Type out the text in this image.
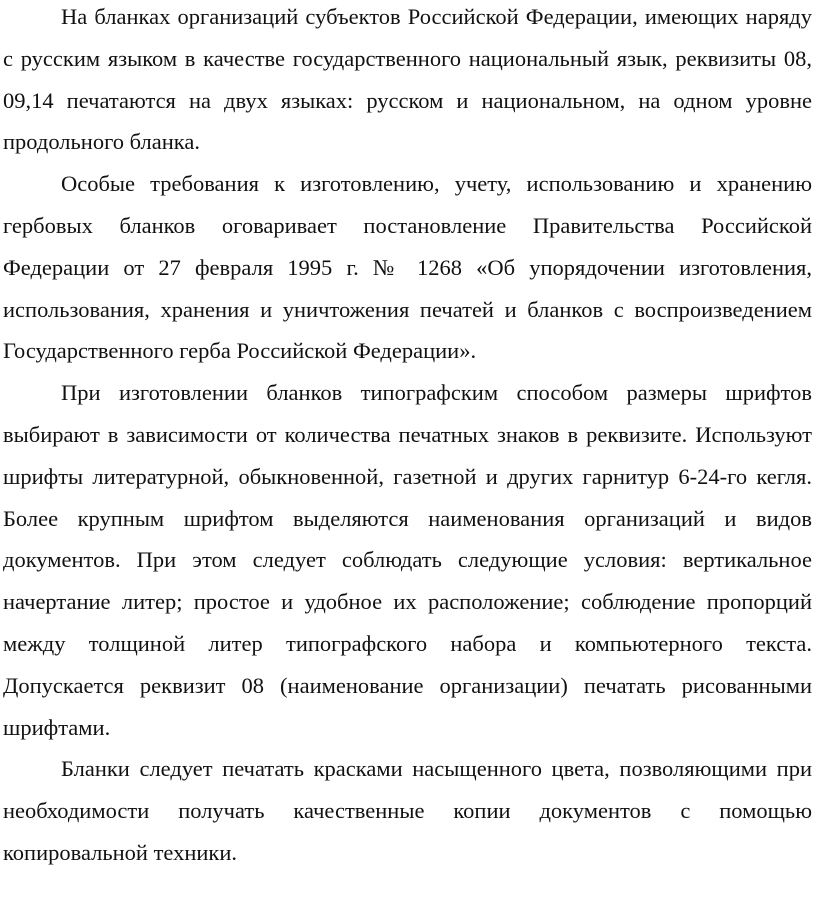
На бланках организаций субъектов Российской Федерации, имеющих наряду с русским языком в качестве государственного национальный язык, реквизиты 08, 09,14 печатаются на двух языках: русском и национальном, на одном уровне продольного бланка.

Особые требования к изготовлению, учету, использованию и хранению гербовых бланков оговаривает постановление Правительства Российской Федерации от 27 февраля 1995 г. № 1268 «Об упорядочении изготовления, использования, хранения и уничтожения печатей и бланков с воспроизведением Государственного герба Российской Федерации».

При изготовлении бланков типографским способом размеры шрифтов выбирают в зависимости от количества печатных знаков в реквизите. Используют шрифты литературной, обыкновенной, газетной и других гарнитур 6-24-го кегля. Более крупным шрифтом выделяются наименования организаций и видов документов. При этом следует соблюдать следующие условия: вертикальное начертание литер; простое и удобное их расположение; соблюдение пропорций между толщиной литер типографского набора и компьютерного текста. Допускается реквизит 08 (наименование организации) печатать рисованными шрифтами.

Бланки следует печатать красками насыщенного цвета, позволяющими при необходимости получать качественные копии документов с помощью копировальной техники.
